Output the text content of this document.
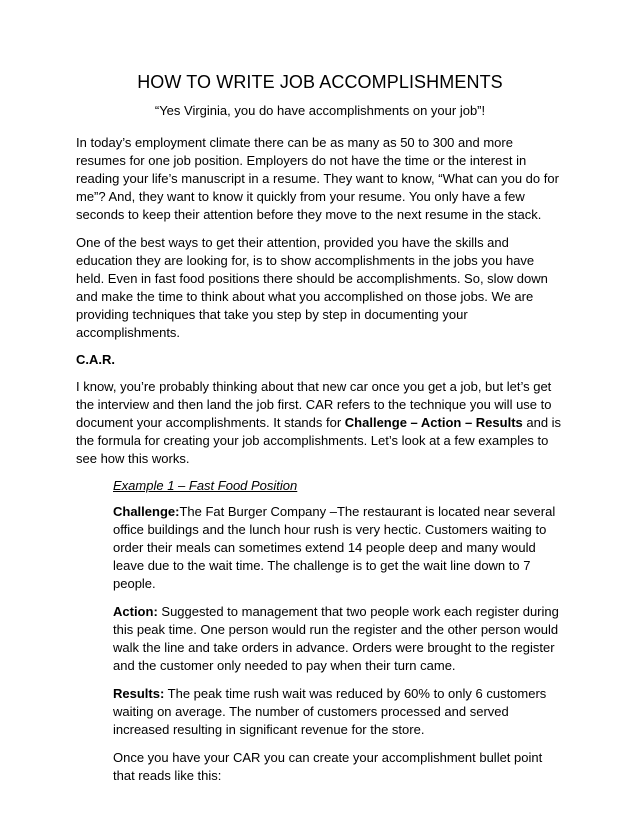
HOW TO WRITE JOB ACCOMPLISHMENTS
“Yes Virginia, you do have accomplishments on your job”!

In today’s employment climate there can be as many as 50 to 300 and more resumes for one job position. Employers do not have the time or the interest in reading your life’s manuscript in a resume. They want to know, “What can you do for me”? And, they want to know it quickly from your resume. You only have a few seconds to keep their attention before they move to the next resume in the stack.

One of the best ways to get their attention, provided you have the skills and education they are looking for, is to show accomplishments in the jobs you have held. Even in fast food positions there should be accomplishments. So, slow down and make the time to think about what you accomplished on those jobs. We are providing techniques that take you step by step in documenting your accomplishments.

C.A.R.

I know, you’re probably thinking about that new car once you get a job, but let’s get the interview and then land the job first. CAR refers to the technique you will use to document your accomplishments. It stands for Challenge – Action – Results and is the formula for creating your job accomplishments. Let’s look at a few examples to see how this works.

Example 1 – Fast Food Position

Challenge:The Fat Burger Company –The restaurant is located near several office buildings and the lunch hour rush is very hectic. Customers waiting to order their meals can sometimes extend 14 people deep and many would leave due to the wait time. The challenge is to get the wait line down to 7 people.

Action: Suggested to management that two people work each register during this peak time. One person would run the register and the other person would walk the line and take orders in advance. Orders were brought to the register and the customer only needed to pay when their turn came.

Results: The peak time rush wait was reduced by 60% to only 6 customers waiting on average. The number of customers processed and served increased resulting in significant revenue for the store.

Once you have your CAR you can create your accomplishment bullet point that reads like this:
